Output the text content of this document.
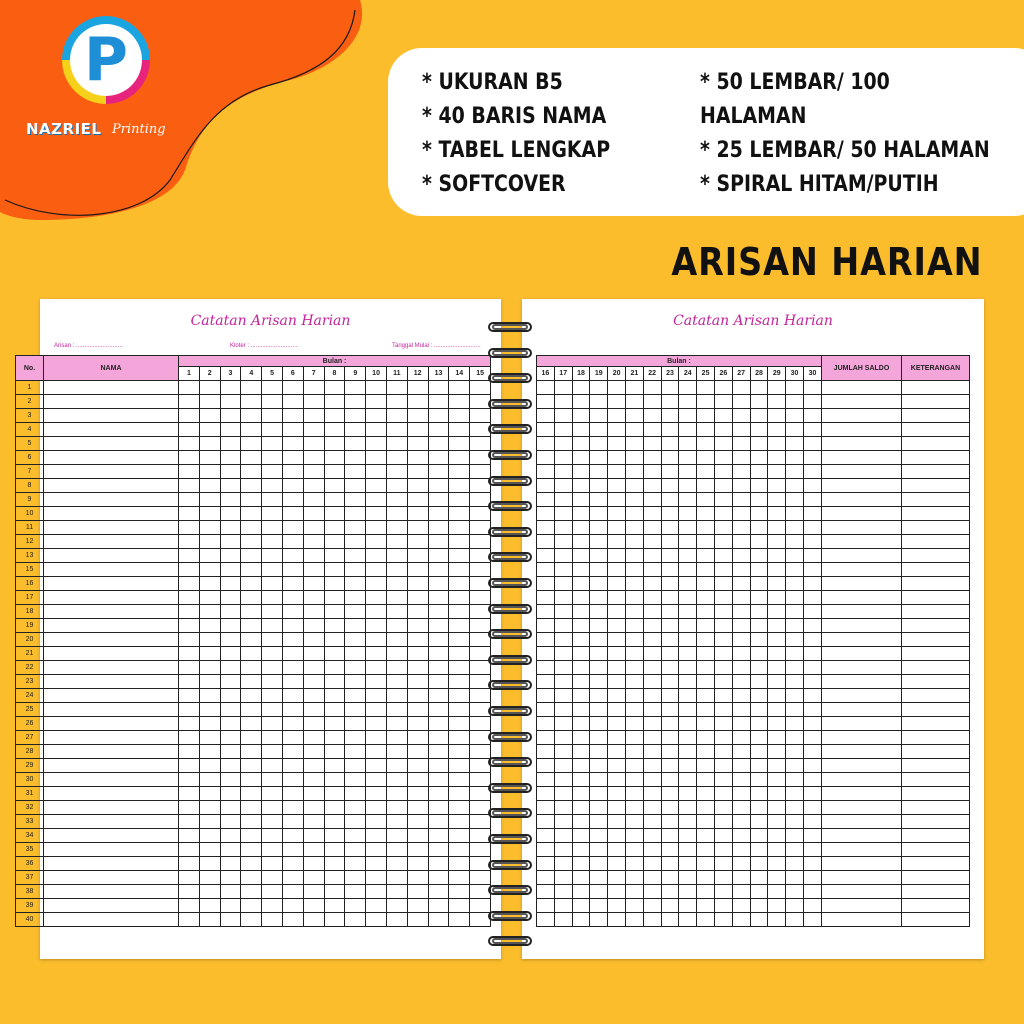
P
NAZRIEL Printing
* UKURAN B5
* 40 BARIS NAMA
* TABEL LENGKAP
* SOFTCOVER
* 50 LEMBAR/ 100 HALAMAN
* 25 LEMBAR/ 50 HALAMAN
* SPIRAL HITAM/PUTIH
ARISAN HARIAN
Catatan Arisan Harian
Arisan : ............................	Kloter : ............................	Tanggal Mulai : ............................
No.	NAMA	Bulan :														
		1	2	3	4	5	6	7	8	9	10	11	12	13	14	15
1																
2																
3																
4																
5																
6																
7																
8																
9																
10																
11																
12																
13																
15																
16																
17																
18																
19																
20																
21																
22																
23																
24																
25																
26																
27																
28																
29																
30																
31																
32																
33																
34																
35																
36																
37																
38																
39																
40																
Catatan Arisan Harian
Bulan :																JUMLAH SALDO	KETERANGAN
16	17	18	19	20	21	22	23	24	25	26	27	28	29	30	30		
